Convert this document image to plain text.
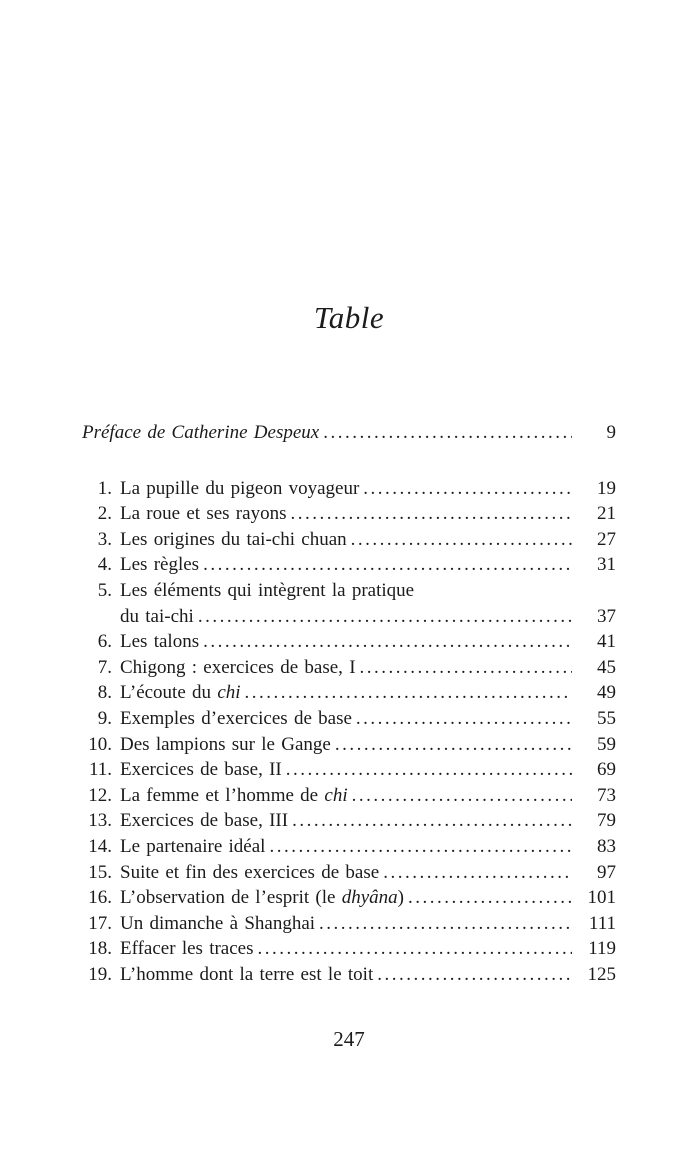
Table
Préface de Catherine Despeux .....	9
1. La pupille du pigeon voyageur .....	19
2. La roue et ses rayons .....	21
3. Les origines du tai-chi chuan .....	27
4. Les règles .....	31
5. Les éléments qui intègrent la pratique
du tai-chi .....	37
6. Les talons .....	41
7. Chigong : exercices de base, I .....	45
8. L’écoute du chi .....	49
9. Exemples d’exercices de base .....	55
10. Des lampions sur le Gange .....	59
11. Exercices de base, II .....	69
12. La femme et l’homme de chi .....	73
13. Exercices de base, III .....	79
14. Le partenaire idéal .....	83
15. Suite et fin des exercices de base .....	97
16. L’observation de l’esprit (le dhyâna) .....	101
17. Un dimanche à Shanghai .....	111
18. Effacer les traces .....	119
19. L’homme dont la terre est le toit .....	125
247
